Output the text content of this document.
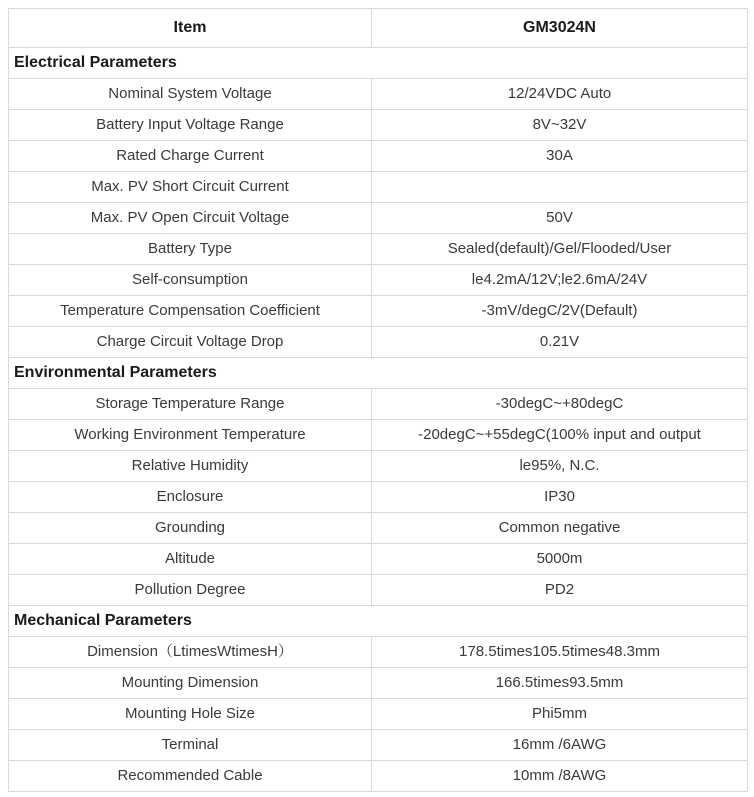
Item	GM3024N
Electrical Parameters	
Nominal System Voltage	12/24VDC Auto
Battery Input Voltage Range	8V~32V
Rated Charge Current	30A
Max. PV Short Circuit Current	
Max. PV Open Circuit Voltage	50V
Battery Type	Sealed(default)/Gel/Flooded/User
Self-consumption	le4.2mA/12V;le2.6mA/24V
Temperature Compensation Coefficient	-3mV/degC/2V(Default)
Charge Circuit Voltage Drop	0.21V
Environmental Parameters	
Storage Temperature Range	-30degC~+80degC
Working Environment Temperature	-20degC~+55degC(100% input and output
Relative Humidity	le95%, N.C.
Enclosure	IP30
Grounding	Common negative
Altitude	5000m
Pollution Degree	PD2
Mechanical Parameters	
Dimension（LtimesWtimesH）	178.5times105.5times48.3mm
Mounting Dimension	166.5times93.5mm
Mounting Hole Size	Phi5mm
Terminal	16mm /6AWG
Recommended Cable	10mm /8AWG
